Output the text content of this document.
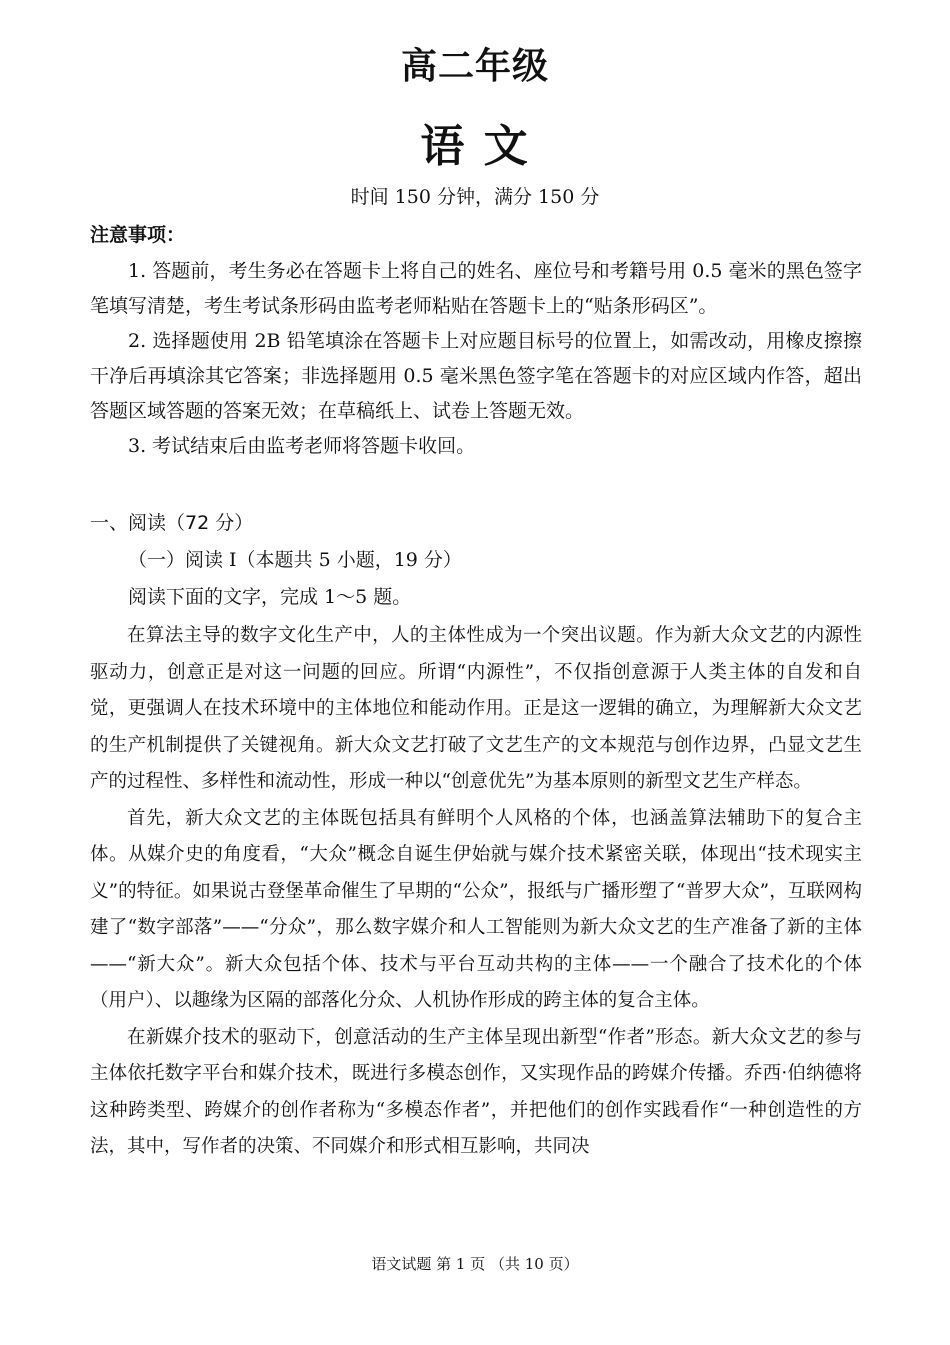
高二年级
语 文
时间 150 分钟，满分 150 分
注意事项：

1. 答题前，考生务必在答题卡上将自己的姓名、座位号和考籍号用 0.5 毫米的黑色签字笔填写清楚，考生考试条形码由监考老师粘贴在答题卡上的“贴条形码区”。

2. 选择题使用 2B 铅笔填涂在答题卡上对应题目标号的位置上，如需改动，用橡皮擦擦干净后再填涂其它答案；非选择题用 0.5 毫米黑色签字笔在答题卡的对应区域内作答，超出答题区域答题的答案无效；在草稿纸上、试卷上答题无效。

3. 考试结束后由监考老师将答题卡收回。

一、阅读（72 分）
（一）阅读 I（本题共 5 小题，19 分）
阅读下面的文字，完成 1～5 题。

在算法主导的数字文化生产中，人的主体性成为一个突出议题。作为新大众文艺的内源性驱动力，创意正是对这一问题的回应。所谓“内源性”，不仅指创意源于人类主体的自发和自觉，更强调人在技术环境中的主体地位和能动作用。正是这一逻辑的确立，为理解新大众文艺的生产机制提供了关键视角。新大众文艺打破了文艺生产的文本规范与创作边界，凸显文艺生产的过程性、多样性和流动性，形成一种以“创意优先”为基本原则的新型文艺生产样态。

首先，新大众文艺的主体既包括具有鲜明个人风格的个体，也涵盖算法辅助下的复合主体。从媒介史的角度看，“大众”概念自诞生伊始就与媒介技术紧密关联，体现出“技术现实主义”的特征。如果说古登堡革命催生了早期的“公众”，报纸与广播形塑了“普罗大众”，互联网构建了“数字部落”——“分众”，那么数字媒介和人工智能则为新大众文艺的生产准备了新的主体——“新大众”。新大众包括个体、技术与平台互动共构的主体——一个融合了技术化的个体（用户）、以趣缘为区隔的部落化分众、人机协作形成的跨主体的复合主体。

在新媒介技术的驱动下，创意活动的生产主体呈现出新型“作者”形态。新大众文艺的参与主体依托数字平台和媒介技术，既进行多模态创作，又实现作品的跨媒介传播。乔西·伯纳德将这种跨类型、跨媒介的创作者称为“多模态作者”，并把他们的创作实践看作“一种创造性的方法，其中，写作者的决策、不同媒介和形式相互影响，共同决

语文试题 第 1 页 （共 10 页）
